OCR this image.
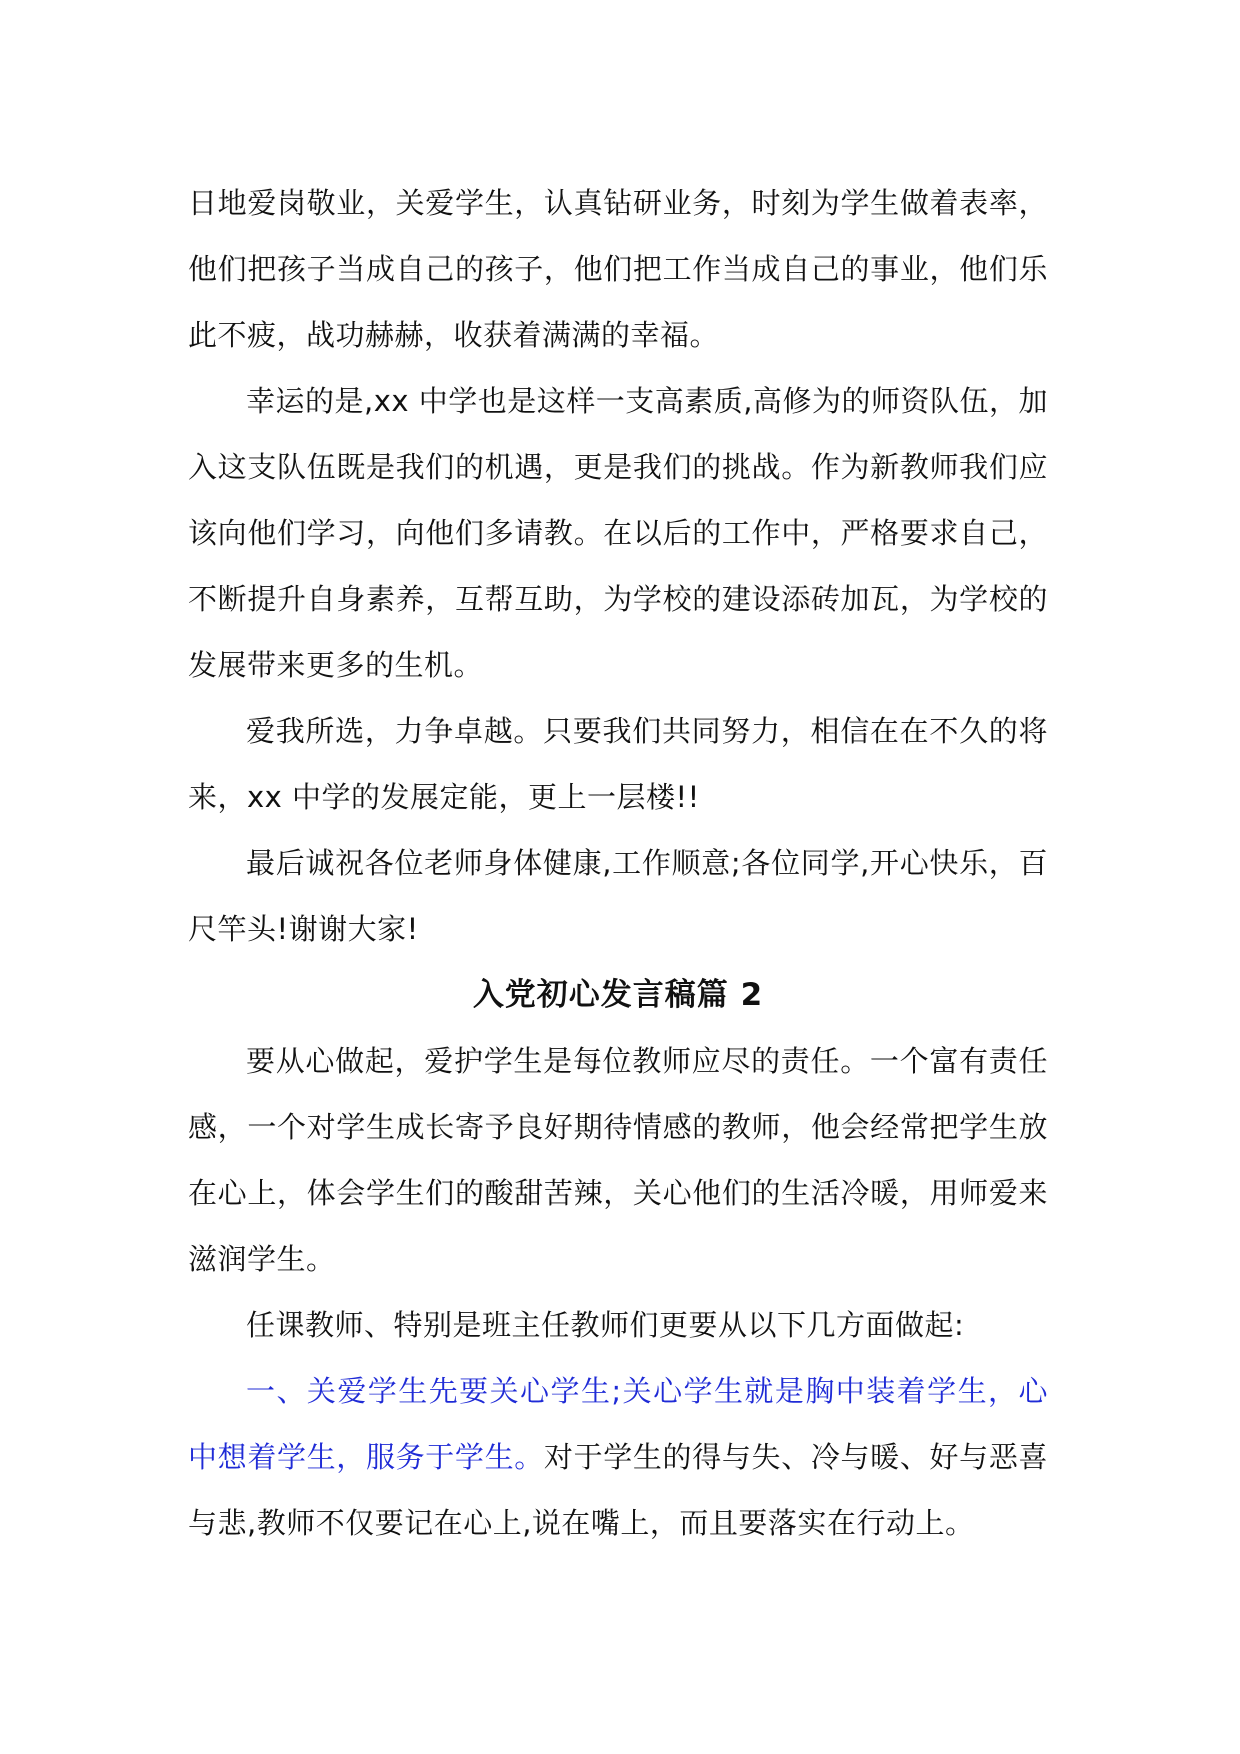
日地爱岗敬业，关爱学生，认真钻研业务，时刻为学生做着表率，他们把孩子当成自己的孩子，他们把工作当成自己的事业，他们乐此不疲，战功赫赫，收获着满满的幸福。

幸运的是,xx 中学也是这样一支高素质,高修为的师资队伍，加入这支队伍既是我们的机遇，更是我们的挑战。作为新教师我们应该向他们学习，向他们多请教。在以后的工作中，严格要求自己，不断提升自身素养，互帮互助，为学校的建设添砖加瓦，为学校的发展带来更多的生机。

爱我所选，力争卓越。只要我们共同努力，相信在在不久的将来，xx 中学的发展定能，更上一层楼!!

最后诚祝各位老师身体健康,工作顺意;各位同学,开心快乐，百尺竿头!谢谢大家!

入党初心发言稿篇 2

要从心做起，爱护学生是每位教师应尽的责任。一个富有责任感，一个对学生成长寄予良好期待情感的教师，他会经常把学生放在心上，体会学生们的酸甜苦辣，关心他们的生活冷暖，用师爱来滋润学生。

任课教师、特别是班主任教师们更要从以下几方面做起:

一、关爱学生先要关心学生;关心学生就是胸中装着学生，心中想着学生，服务于学生。对于学生的得与失、冷与暖、好与恶喜与悲,教师不仅要记在心上,说在嘴上，而且要落实在行动上。
